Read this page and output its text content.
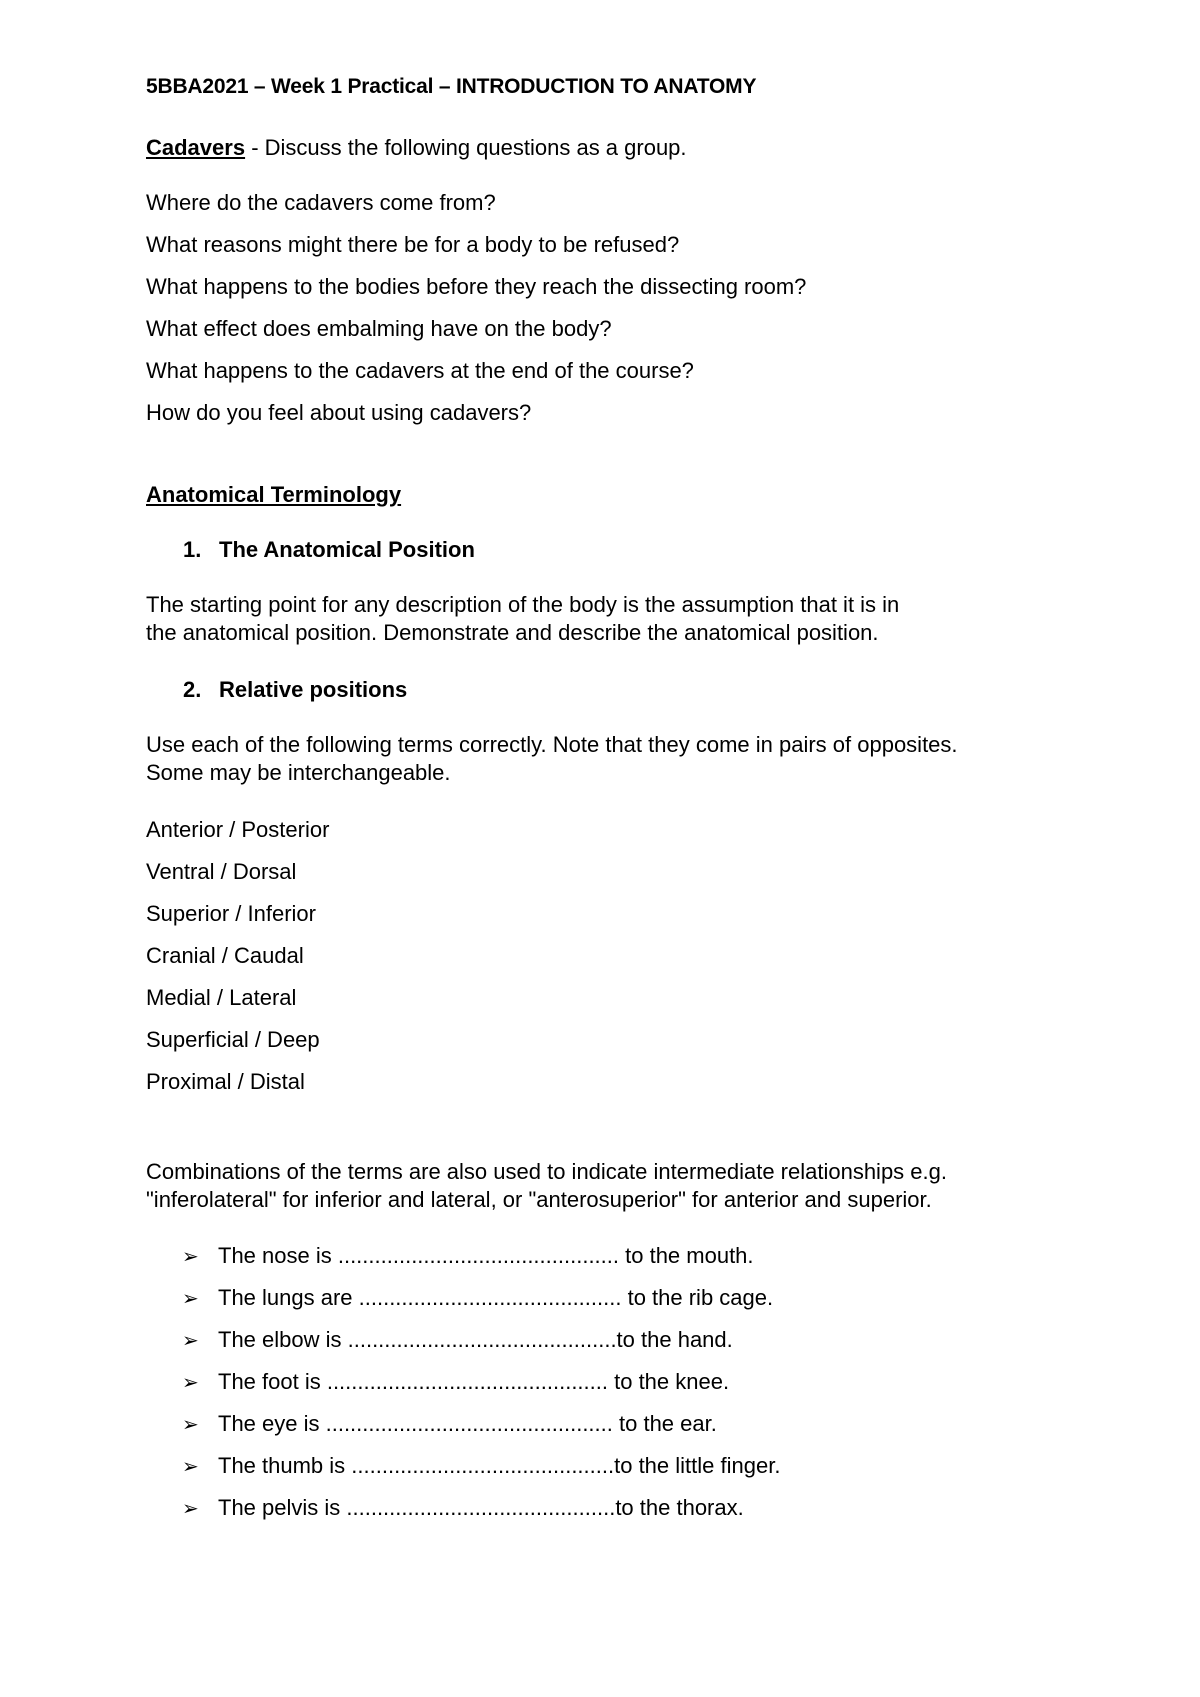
5BBA2021 – Week 1 Practical – INTRODUCTION TO ANATOMY
Cadavers - Discuss the following questions as a group.
Where do the cadavers come from?
What reasons might there be for a body to be refused?
What happens to the bodies before they reach the dissecting room?
What effect does embalming have on the body?
What happens to the cadavers at the end of the course?
How do you feel about using cadavers?
Anatomical Terminology
1. The Anatomical Position
The starting point for any description of the body is the assumption that it is in
the anatomical position. Demonstrate and describe the anatomical position.
2. Relative positions
Use each of the following terms correctly. Note that they come in pairs of opposites.
Some may be interchangeable.
Anterior / Posterior
Ventral / Dorsal
Superior / Inferior
Cranial / Caudal
Medial / Lateral
Superficial / Deep
Proximal / Distal
Combinations of the terms are also used to indicate intermediate relationships e.g.
"inferolateral" for inferior and lateral, or "anterosuperior" for anterior and superior.
➢ The nose is .............................................. to the mouth.
➢ The lungs are ........................................... to the rib cage.
➢ The elbow is ............................................to the hand.
➢ The foot is .............................................. to the knee.
➢ The eye is ............................................... to the ear.
➢ The thumb is ...........................................to the little finger.
➢ The pelvis is ............................................to the thorax.
